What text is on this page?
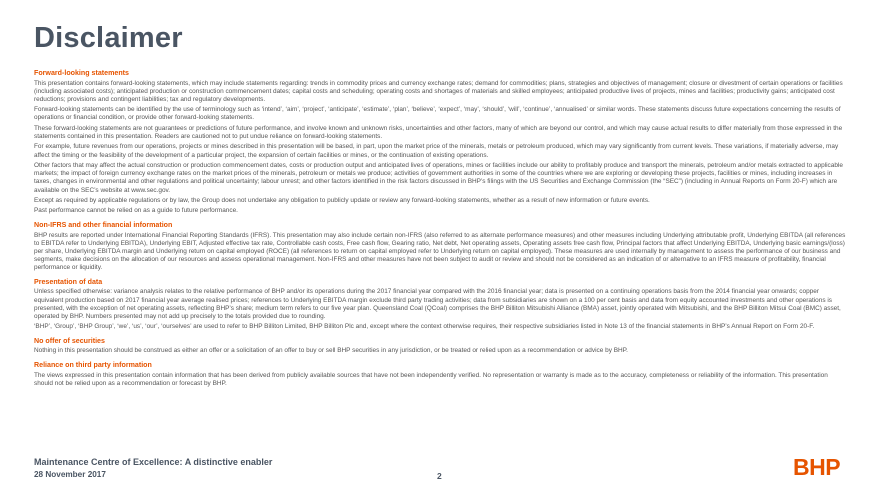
Disclaimer
Forward-looking statements

This presentation contains forward-looking statements, which may include statements regarding: trends in commodity prices and currency exchange rates; demand for commodities; plans, strategies and objectives of management; closure or divestment of certain operations or facilities (including associated costs); anticipated production or construction commencement dates; capital costs and scheduling; operating costs and shortages of materials and skilled employees; anticipated productive lives of projects, mines and facilities; productivity gains; anticipated cost reductions; provisions and contingent liabilities; tax and regulatory developments.

Forward-looking statements can be identified by the use of terminology such as ‘intend’, ‘aim’, ‘project’, ‘anticipate’, ‘estimate’, ‘plan’, ‘believe’, ‘expect’, ‘may’, ‘should’, ‘will’, ‘continue’, ‘annualised’ or similar words. These statements discuss future expectations concerning the results of operations or financial condition, or provide other forward-looking statements.

These forward-looking statements are not guarantees or predictions of future performance, and involve known and unknown risks, uncertainties and other factors, many of which are beyond our control, and which may cause actual results to differ materially from those expressed in the statements contained in this presentation. Readers are cautioned not to put undue reliance on forward-looking statements.

For example, future revenues from our operations, projects or mines described in this presentation will be based, in part, upon the market price of the minerals, metals or petroleum produced, which may vary significantly from current levels. These variations, if materially adverse, may affect the timing or the feasibility of the development of a particular project, the expansion of certain facilities or mines, or the continuation of existing operations.

Other factors that may affect the actual construction or production commencement dates, costs or production output and anticipated lives of operations, mines or facilities include our ability to profitably produce and transport the minerals, petroleum and/or metals extracted to applicable markets; the impact of foreign currency exchange rates on the market prices of the minerals, petroleum or metals we produce; activities of government authorities in some of the countries where we are exploring or developing these projects, facilities or mines, including increases in taxes, changes in environmental and other regulations and political uncertainty; labour unrest; and other factors identified in the risk factors discussed in BHP’s filings with the US Securities and Exchange Commission (the “SEC”) (including in Annual Reports on Form 20-F) which are available on the SEC’s website at www.sec.gov.

Except as required by applicable regulations or by law, the Group does not undertake any obligation to publicly update or review any forward-looking statements, whether as a result of new information or future events.

Past performance cannot be relied on as a guide to future performance.

Non-IFRS and other financial information

BHP results are reported under International Financial Reporting Standards (IFRS). This presentation may also include certain non-IFRS (also referred to as alternate performance measures) and other measures including Underlying attributable profit, Underlying EBITDA (all references to EBITDA refer to Underlying EBITDA), Underlying EBIT, Adjusted effective tax rate, Controllable cash costs, Free cash flow, Gearing ratio, Net debt, Net operating assets, Operating assets free cash flow, Principal factors that affect Underlying EBITDA, Underlying basic earnings/(loss) per share, Underlying EBITDA margin and Underlying return on capital employed (ROCE) (all references to return on capital employed refer to Underlying return on capital employed). These measures are used internally by management to assess the performance of our business and segments, make decisions on the allocation of our resources and assess operational management. Non-IFRS and other measures have not been subject to audit or review and should not be considered as an indication of or alternative to an IFRS measure of profitability, financial performance or liquidity.

Presentation of data

Unless specified otherwise: variance analysis relates to the relative performance of BHP and/or its operations during the 2017 financial year compared with the 2016 financial year; data is presented on a continuing operations basis from the 2014 financial year onwards; copper equivalent production based on 2017 financial year average realised prices; references to Underlying EBITDA margin exclude third party trading activities; data from subsidiaries are shown on a 100 per cent basis and data from equity accounted investments and other operations is presented, with the exception of net operating assets, reflecting BHP’s share; medium term refers to our five year plan. Queensland Coal (QCoal) comprises the BHP Billiton Mitsubishi Alliance (BMA) asset, jointly operated with Mitsubishi, and the BHP Billiton Mitsui Coal (BMC) asset, operated by BHP. Numbers presented may not add up precisely to the totals provided due to rounding.

‘BHP’, ‘Group’, ‘BHP Group’, ‘we’, ‘us’, ‘our’, ‘ourselves’ are used to refer to BHP Billiton Limited, BHP Billiton Plc and, except where the context otherwise requires, their respective subsidiaries listed in Note 13 of the financial statements in BHP’s Annual Report on Form 20-F.

No offer of securities

Nothing in this presentation should be construed as either an offer or a solicitation of an offer to buy or sell BHP securities in any jurisdiction, or be treated or relied upon as a recommendation or advice by BHP.

Reliance on third party information

The views expressed in this presentation contain information that has been derived from publicly available sources that have not been independently verified. No representation or warranty is made as to the accuracy, completeness or reliability of the information. This presentation should not be relied upon as a recommendation or forecast by BHP.

Maintenance Centre of Excellence: A distinctive enabler
28 November 2017	2	BHP
